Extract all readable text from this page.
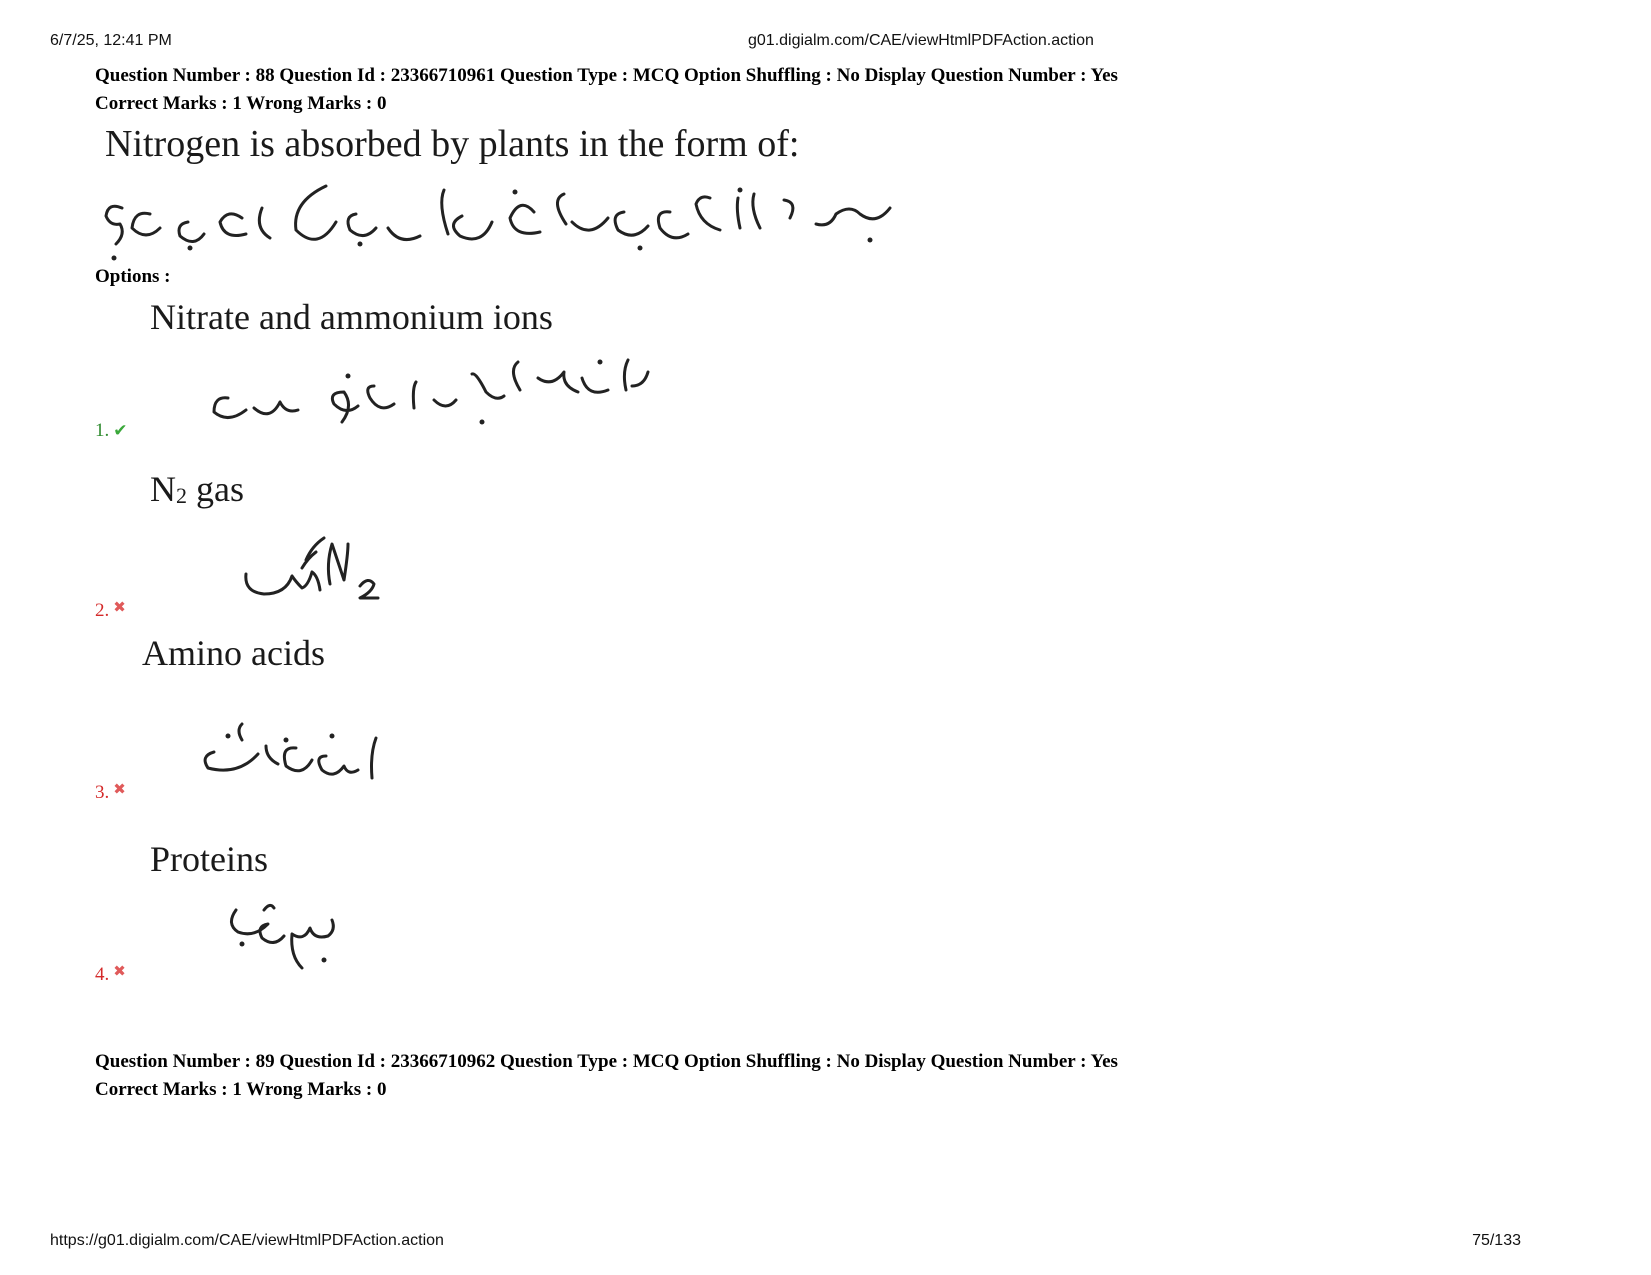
6/7/25, 12:41 PM	g01.digialm.com/CAE/viewHtmlPDFAction.action
Question Number : 88 Question Id : 23366710961 Question Type : MCQ Option Shuffling : No Display Question Number : Yes
Correct Marks : 1 Wrong Marks : 0
Nitrogen is absorbed by plants in the form of:
Options :
Nitrate and ammonium ions
1. ✔
N2 gas
2. ✖
Amino acids
3. ✖
Proteins
4. ✖
Question Number : 89 Question Id : 23366710962 Question Type : MCQ Option Shuffling : No Display Question Number : Yes
Correct Marks : 1 Wrong Marks : 0
https://g01.digialm.com/CAE/viewHtmlPDFAction.action	75/133
